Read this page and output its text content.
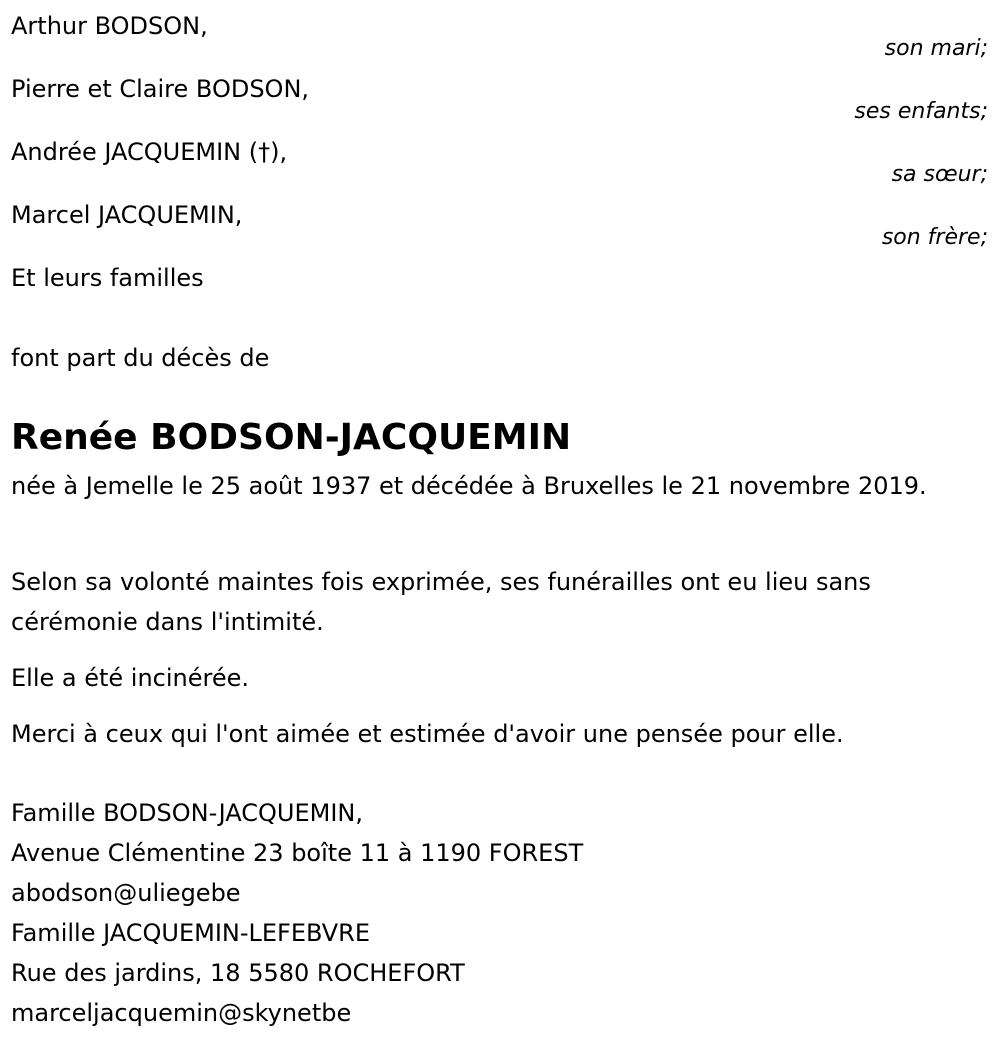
Arthur BODSON,
son mari;
Pierre et Claire BODSON,
ses enfants;
Andrée JACQUEMIN (†),
sa sœur;
Marcel JACQUEMIN,
son frère;
Et leurs familles
font part du décès de
Renée BODSON-JACQUEMIN
née à Jemelle le 25 août 1937 et décédée à Bruxelles le 21 novembre 2019.
Selon sa volonté maintes fois exprimée, ses funérailles ont eu lieu sans cérémonie dans l'intimité.
Elle a été incinérée.
Merci à ceux qui l'ont aimée et estimée d'avoir une pensée pour elle.
Famille BODSON-JACQUEMIN,
Avenue Clémentine 23 boîte 11 à 1190 FOREST
abodson@uliegebe
Famille JACQUEMIN-LEFEBVRE
Rue des jardins, 18 5580 ROCHEFORT
marceljacquemin@skynetbe
